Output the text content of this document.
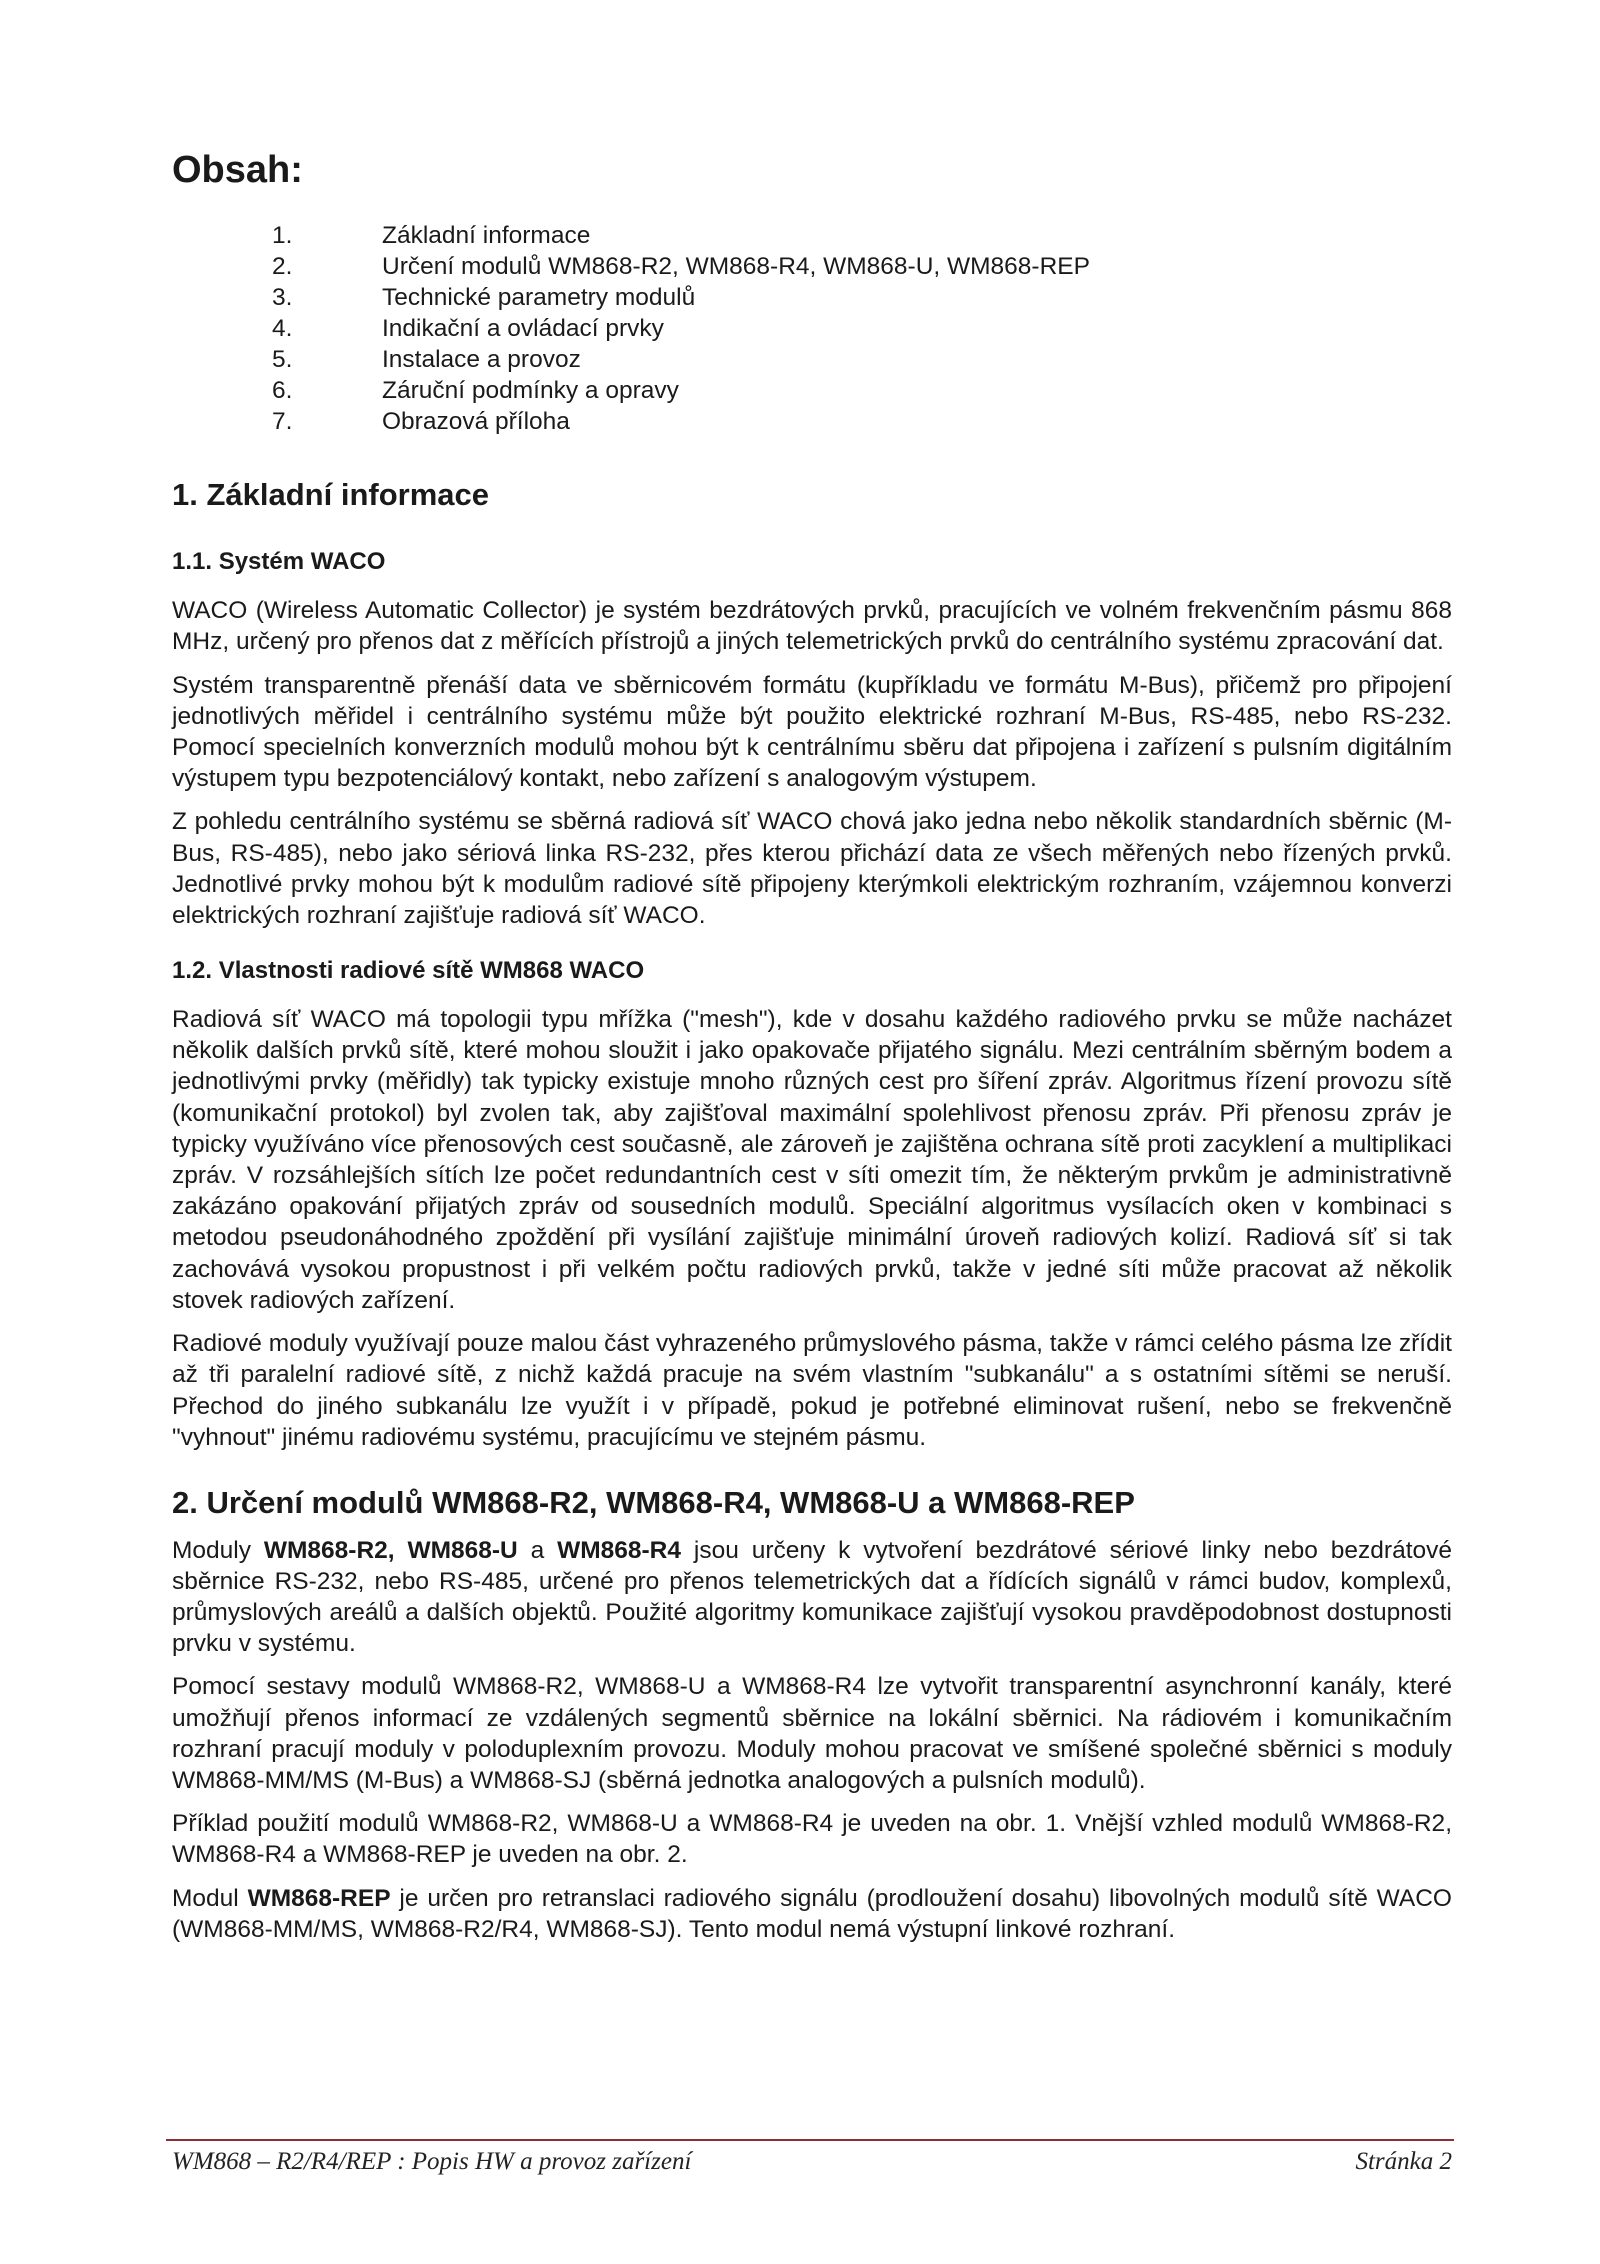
Obsah:
1.	Základní informace
2.	Určení modulů WM868-R2, WM868-R4, WM868-U, WM868-REP
3.	Technické parametry modulů
4.	Indikační a ovládací prvky
5.	Instalace a provoz
6.	Záruční podmínky a opravy
7.	Obrazová příloha
1. Základní informace
1.1. Systém WACO

WACO (Wireless Automatic Collector) je systém bezdrátových prvků, pracujících ve volném frekvenčním pásmu 868 MHz, určený pro přenos dat z měřících přístrojů a jiných telemetrických prvků do centrálního systému zpracování dat.

Systém transparentně přenáší data ve sběrnicovém formátu (kupříkladu ve formátu M-Bus), přičemž pro připojení jednotlivých měřidel i centrálního systému může být použito elektrické rozhraní M-Bus, RS-485, nebo RS-232. Pomocí specielních konverzních modulů mohou být k centrálnímu sběru dat připojena i zařízení s pulsním digitálním výstupem typu bezpotenciálový kontakt, nebo zařízení s analogovým výstupem.

Z pohledu centrálního systému se sběrná radiová síť WACO chová jako jedna nebo několik standardních sběrnic (M-Bus, RS-485), nebo jako sériová linka RS-232, přes kterou přichází data ze všech měřených nebo řízených prvků. Jednotlivé prvky mohou být k modulům radiové sítě připojeny kterýmkoli elektrickým rozhraním, vzájemnou konverzi elektrických rozhraní zajišťuje radiová síť WACO.

1.2. Vlastnosti radiové sítě WM868 WACO

Radiová síť WACO má topologii typu mřížka ("mesh"), kde v dosahu každého radiového prvku se může nacházet několik dalších prvků sítě, které mohou sloužit i jako opakovače přijatého signálu. Mezi centrálním sběrným bodem a jednotlivými prvky (měřidly) tak typicky existuje mnoho různých cest pro šíření zpráv. Algoritmus řízení provozu sítě (komunikační protokol) byl zvolen tak, aby zajišťoval maximální spolehlivost přenosu zpráv. Při přenosu zpráv je typicky využíváno více přenosových cest současně, ale zároveň je zajištěna ochrana sítě proti zacyklení a multiplikaci zpráv. V rozsáhlejších sítích lze počet redundantních cest v síti omezit tím, že některým prvkům je administrativně zakázáno opakování přijatých zpráv od sousedních modulů. Speciální algoritmus vysílacích oken v kombinaci s metodou pseudonáhodného zpoždění při vysílání zajišťuje minimální úroveň radiových kolizí. Radiová síť si tak zachovává vysokou propustnost i při velkém počtu radiových prvků, takže v jedné síti může pracovat až několik stovek radiových zařízení.

Radiové moduly využívají pouze malou část vyhrazeného průmyslového pásma, takže v rámci celého pásma lze zřídit až tři paralelní radiové sítě, z nichž každá pracuje na svém vlastním "subkanálu" a s ostatními sítěmi se neruší. Přechod do jiného subkanálu lze využít i v případě, pokud je potřebné eliminovat rušení, nebo se frekvenčně "vyhnout" jinému radiovému systému, pracujícímu ve stejném pásmu.

2. Určení modulů WM868-R2, WM868-R4, WM868-U a WM868-REP

Moduly WM868-R2, WM868-U a WM868-R4 jsou určeny k vytvoření bezdrátové sériové linky nebo bezdrátové sběrnice RS-232, nebo RS-485, určené pro přenos telemetrických dat a řídících signálů v rámci budov, komplexů, průmyslových areálů a dalších objektů. Použité algoritmy komunikace zajišťují vysokou pravděpodobnost dostupnosti prvku v systému.

Pomocí sestavy modulů WM868-R2, WM868-U a WM868-R4 lze vytvořit transparentní asynchronní kanály, které umožňují přenos informací ze vzdálených segmentů sběrnice na lokální sběrnici. Na rádiovém i komunikačním rozhraní pracují moduly v poloduplexním provozu. Moduly mohou pracovat ve smíšené společné sběrnici s moduly WM868-MM/MS (M-Bus) a WM868-SJ (sběrná jednotka analogových a pulsních modulů).

Příklad použití modulů WM868-R2, WM868-U a WM868-R4 je uveden na obr. 1. Vnější vzhled modulů WM868-R2, WM868-R4 a WM868-REP je uveden na obr. 2.

Modul WM868-REP je určen pro retranslaci radiového signálu (prodloužení dosahu) libovolných modulů sítě WACO (WM868-MM/MS, WM868-R2/R4, WM868-SJ). Tento modul nemá výstupní linkové rozhraní.

WM868 – R2/R4/REP : Popis HW a provoz zařízení	Stránka 2
